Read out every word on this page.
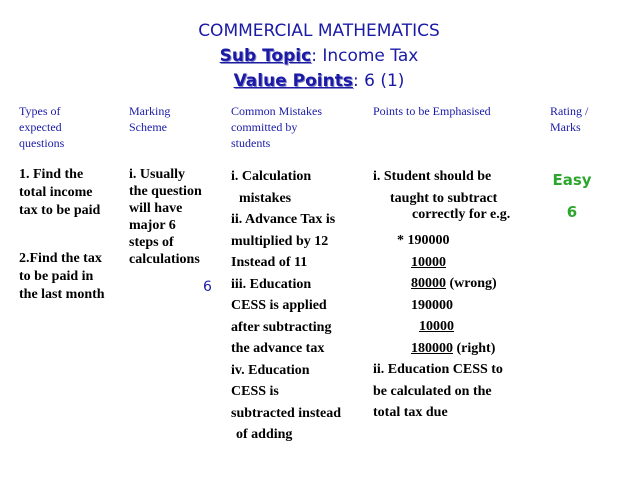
COMMERCIAL MATHEMATICS
Sub Topic: Income Tax
Value Points: 6 (1)
Types of
expected
questions
Marking
Scheme
Common Mistakes
committed by
students
Points to be Emphasised	Rating /
Marks
1. Find the
total income
tax to be paid
2.Find the tax
to be paid in
the last month
i. Usually
the question
will have
major 6
steps of
calculations
6
i. Calculation
mistakes
ii. Advance Tax is
multiplied by 12
Instead of 11
iii. Education
CESS is applied
after subtracting
the advance tax
iv. Education
CESS is
subtracted instead
of adding
i. Student should be
taught to subtract
correctly for e.g.
* 190000
10000
80000 (wrong)
190000
10000
180000 (right)
ii. Education CESS to
be calculated on the
total tax due
Easy
6
